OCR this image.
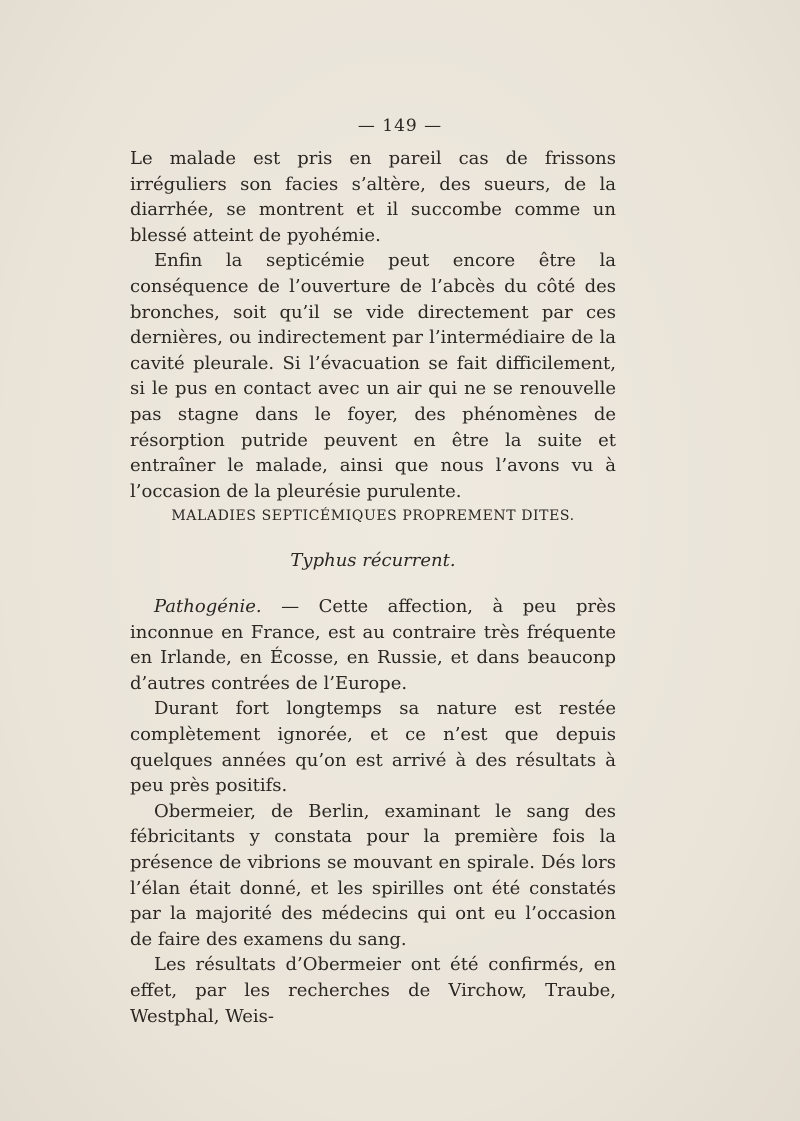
— 149 —

Le malade est pris en pareil cas de frissons irréguliers son facies s’altère, des sueurs, de la diarrhée, se montrent et il succombe comme un blessé atteint de pyohémie.

Enfin la septicémie peut encore être la conséquence de l’ouverture de l’abcès du côté des bronches, soit qu’il se vide directement par ces dernières, ou indirectement par l’intermédiaire de la cavité pleurale. Si l’évacuation se fait difficilement, si le pus en contact avec un air qui ne se renouvelle pas stagne dans le foyer, des phénomènes de résorption putride peuvent en être la suite et entraîner le malade, ainsi que nous l’avons vu à l’occasion de la pleurésie purulente.

MALADIES SEPTICÉMIQUES PROPREMENT DITES.
Typhus récurrent.

Pathogénie. — Cette affection, à peu près inconnue en France, est au contraire très fréquente en Irlande, en Écosse, en Russie, et dans beauconp d’autres contrées de l’Europe.

Durant fort longtemps sa nature est restée complètement ignorée, et ce n’est que depuis quelques années qu’on est arrivé à des résultats à peu près positifs.

Obermeier, de Berlin, examinant le sang des fébricitants y constata pour la première fois la présence de vibrions se mouvant en spirale. Dés lors l’élan était donné, et les spirilles ont été constatés par la majorité des médecins qui ont eu l’occasion de faire des examens du sang.

Les résultats d’Obermeier ont été confirmés, en effet, par les recherches de Virchow, Traube, Westphal, Weis-
